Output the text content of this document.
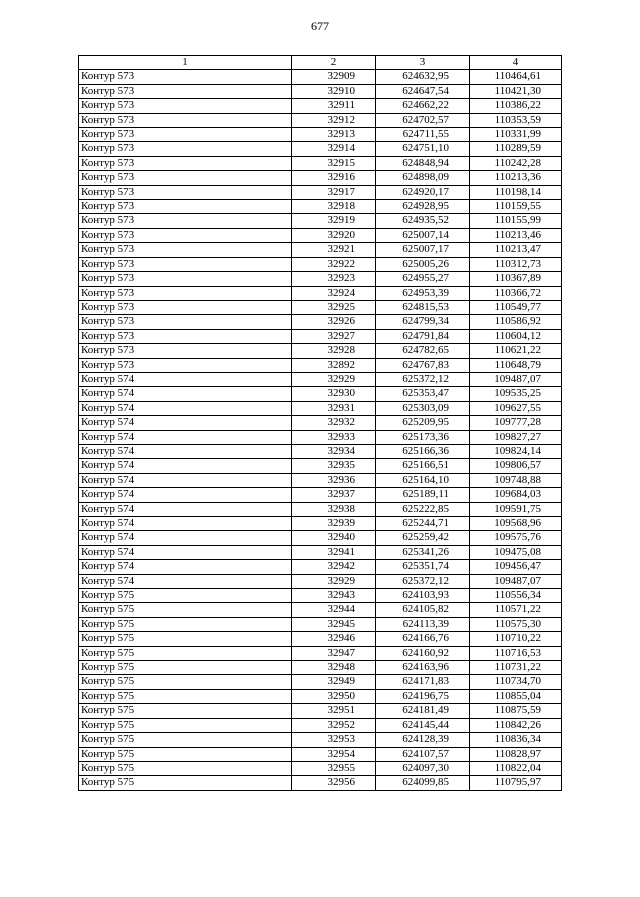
677
1	2	3	4
Контур 573	32909	624632,95	110464,61
Контур 573	32910	624647,54	110421,30
Контур 573	32911	624662,22	110386,22
Контур 573	32912	624702,57	110353,59
Контур 573	32913	624711,55	110331,99
Контур 573	32914	624751,10	110289,59
Контур 573	32915	624848,94	110242,28
Контур 573	32916	624898,09	110213,36
Контур 573	32917	624920,17	110198,14
Контур 573	32918	624928,95	110159,55
Контур 573	32919	624935,52	110155,99
Контур 573	32920	625007,14	110213,46
Контур 573	32921	625007,17	110213,47
Контур 573	32922	625005,26	110312,73
Контур 573	32923	624955,27	110367,89
Контур 573	32924	624953,39	110366,72
Контур 573	32925	624815,53	110549,77
Контур 573	32926	624799,34	110586,92
Контур 573	32927	624791,84	110604,12
Контур 573	32928	624782,65	110621,22
Контур 573	32892	624767,83	110648,79
Контур 574	32929	625372,12	109487,07
Контур 574	32930	625353,47	109535,25
Контур 574	32931	625303,09	109627,55
Контур 574	32932	625209,95	109777,28
Контур 574	32933	625173,36	109827,27
Контур 574	32934	625166,36	109824,14
Контур 574	32935	625166,51	109806,57
Контур 574	32936	625164,10	109748,88
Контур 574	32937	625189,11	109684,03
Контур 574	32938	625222,85	109591,75
Контур 574	32939	625244,71	109568,96
Контур 574	32940	625259,42	109575,76
Контур 574	32941	625341,26	109475,08
Контур 574	32942	625351,74	109456,47
Контур 574	32929	625372,12	109487,07
Контур 575	32943	624103,93	110556,34
Контур 575	32944	624105,82	110571,22
Контур 575	32945	624113,39	110575,30
Контур 575	32946	624166,76	110710,22
Контур 575	32947	624160,92	110716,53
Контур 575	32948	624163,96	110731,22
Контур 575	32949	624171,83	110734,70
Контур 575	32950	624196,75	110855,04
Контур 575	32951	624181,49	110875,59
Контур 575	32952	624145,44	110842,26
Контур 575	32953	624128,39	110836,34
Контур 575	32954	624107,57	110828,97
Контур 575	32955	624097,30	110822,04
Контур 575	32956	624099,85	110795,97
